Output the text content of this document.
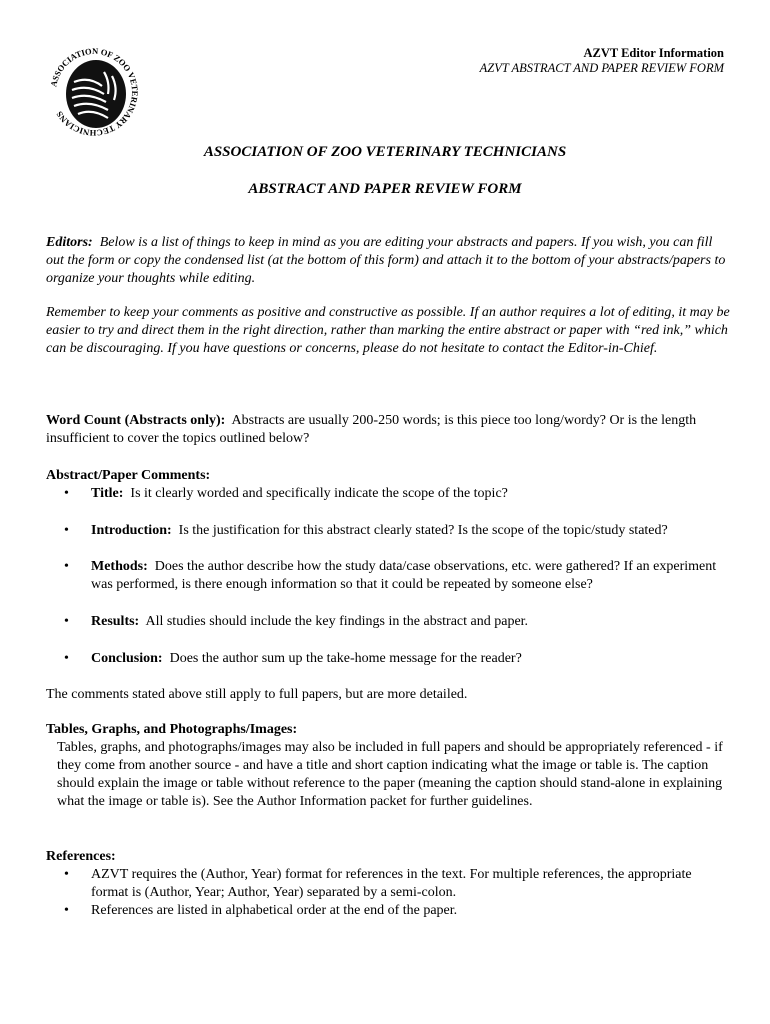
ASSOCIATION OF ZOO VETERINARY TECHNICIANS
AZVT Editor Information
AZVT ABSTRACT AND PAPER REVIEW FORM
ASSOCIATION OF ZOO VETERINARY TECHNICIANS
ABSTRACT AND PAPER REVIEW FORM
Editors: Below is a list of things to keep in mind as you are editing your abstracts and papers. If you wish, you can fill out the form or copy the condensed list (at the bottom of this form) and attach it to the bottom of your abstracts/papers to organize your thoughts while editing.
Remember to keep your comments as positive and constructive as possible. If an author requires a lot of editing, it may be easier to try and direct them in the right direction, rather than marking the entire abstract or paper with “red ink,” which can be discouraging. If you have questions or concerns, please do not hesitate to contact the Editor-in-Chief.
Word Count (Abstracts only): Abstracts are usually 200-250 words; is this piece too long/wordy? Or is the length insufficient to cover the topics outlined below?
Abstract/Paper Comments:
• Title: Is it clearly worded and specifically indicate the scope of the topic?
• Introduction: Is the justification for this abstract clearly stated? Is the scope of the topic/study stated?
• Methods: Does the author describe how the study data/case observations, etc. were gathered? If an experiment was performed, is there enough information so that it could be repeated by someone else?
• Results: All studies should include the key findings in the abstract and paper.
• Conclusion: Does the author sum up the take-home message for the reader?
The comments stated above still apply to full papers, but are more detailed.
Tables, Graphs, and Photographs/Images:
Tables, graphs, and photographs/images may also be included in full papers and should be appropriately referenced - if they come from another source - and have a title and short caption indicating what the image or table is. The caption should explain the image or table without reference to the paper (meaning the caption should stand-alone in explaining what the image or table is). See the Author Information packet for further guidelines.
References:
• AZVT requires the (Author, Year) format for references in the text. For multiple references, the appropriate format is (Author, Year; Author, Year) separated by a semi-colon.
• References are listed in alphabetical order at the end of the paper.
